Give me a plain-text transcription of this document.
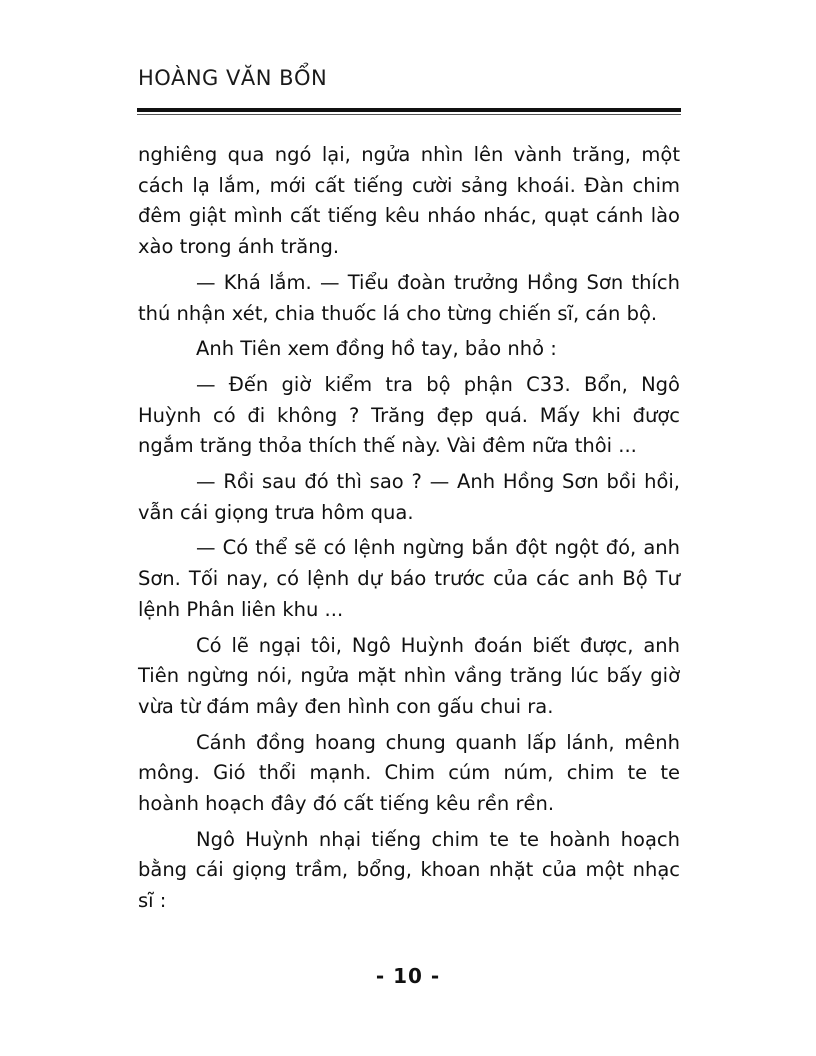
HOÀNG VĂN BỔN

nghiêng qua ngó lại, ngửa nhìn lên vành trăng, một cách lạ lắm, mới cất tiếng cười sảng khoái. Đàn chim đêm giật mình cất tiếng kêu nháo nhác, quạt cánh lào xào trong ánh trăng.

— Khá lắm. — Tiểu đoàn trưởng Hồng Sơn thích thú nhận xét, chia thuốc lá cho từng chiến sĩ, cán bộ.

Anh Tiên xem đồng hồ tay, bảo nhỏ :

— Đến giờ kiểm tra bộ phận C33. Bổn, Ngô Huỳnh có đi không ? Trăng đẹp quá. Mấy khi được ngắm trăng thỏa thích thế này. Vài đêm nữa thôi ...

— Rồi sau đó thì sao ? — Anh Hồng Sơn bồi hồi, vẫn cái giọng trưa hôm qua.

— Có thể sẽ có lệnh ngừng bắn đột ngột đó, anh Sơn. Tối nay, có lệnh dự báo trước của các anh Bộ Tư lệnh Phân liên khu ...

Có lẽ ngại tôi, Ngô Huỳnh đoán biết được, anh Tiên ngừng nói, ngửa mặt nhìn vầng trăng lúc bấy giờ vừa từ đám mây đen hình con gấu chui ra.

Cánh đồng hoang chung quanh lấp lánh, mênh mông. Gió thổi mạnh. Chim cúm núm, chim te te hoành hoạch đây đó cất tiếng kêu rền rền.

Ngô Huỳnh nhại tiếng chim te te hoành hoạch bằng cái giọng trầm, bổng, khoan nhặt của một nhạc sĩ :

- 10 -
